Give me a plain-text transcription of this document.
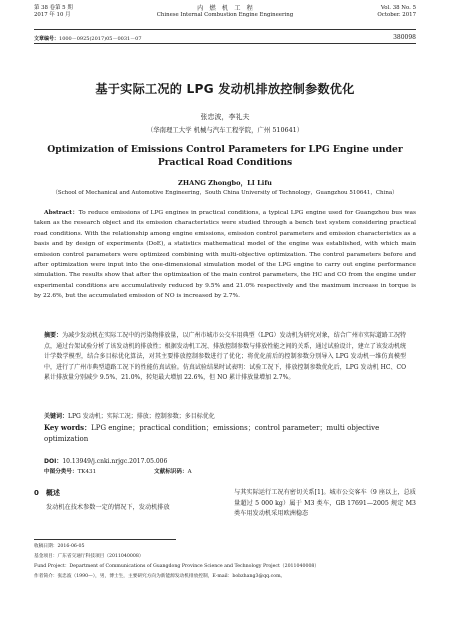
第 38 卷第 5 期
2017 年 10 月
内　燃　机　工　程
Chinese Internal Combustion Engine Engineering
Vol. 38 No. 5
October. 2017
文章编号：1000－0925(2017)05－0031－07	380098
基于实际工况的 LPG 发动机排放控制参数优化
张忠波，李礼夫
（华南理工大学 机械与汽车工程学院，广州 510641）
Optimization of Emissions Control Parameters for LPG Engine under
Practical Road Conditions
ZHANG Zhongbo，LI Lifu
（School of Mechanical and Automotive Engineering，South China University of Technology，Guangzhou 510641，China）
Abstract：To reduce emissions of LPG engines in practical conditions, a typical LPG engine used for Guangzhou bus was taken as the research object and its emission characteristics were studied through a bench test system considering practical road conditions. With the relationship among engine emissions, emission control parameters and emission characteristics as a basis and by design of experiments (DoE), a statistics mathematical model of the engine was established, with which main emission control parameters were optimized combining with multi-objective optimization. The control parameters before and after optimization were input into the one-dimensional simulation model of the LPG engine to carry out engine performance simulation. The results show that after the optimization of the main control parameters, the HC and CO from the engine under experimental conditions are accumulatively reduced by 9.5% and 21.0% respectively and the maximum increase in torque is by 22.6%, but the accumulated emission of NO is increased by 2.7%.
摘要：为减少发动机在实际工况中的污染物排放量，以广州市城市公交车用典型（LPG）发动机为研究对象，结合广州市实际道路工况特点，通过台架试验分析了该发动机的排放性；根据发动机工况、排放控制参数与排放性能之间的关系，通过试验设计，建立了该发动机统计学数学模型，结合多目标优化算法，对其主要排放控制参数进行了优化；将优化前后的控制参数分别导入 LPG 发动机一维仿真模型中，进行了广州市典型道路工况下的性能仿真试验。仿真试验结果时试表明：试验工况下，排放控制参数优化后，LPG 发动机 HC、CO 累计排放量分别减少 9.5%、21.0%，转矩最大增加 22.6%，但 NO 累计排放量增加 2.7%。
关键词：LPG 发动机；实际工况；排放；控制参数；多目标优化
Key words：LPG engine；practical condition；emissions；control parameter；multi objective optimization
DOI：10.13949/j.cnki.nrjgc.2017.05.006
中图分类号：TK431	文献标识码：A
0　概述
发动机在技术参数一定的情况下，发动机排放
与其实际运行工况有密切关系[1]。城市公交客车（9 座以上，总质量超过 5 000 kg）属于 M3 类车，GB 17691—2005 规定 M3 类车用发动机采用欧洲稳态
收稿日期：2016-06-05
基金项目：广东省交通厅科技项目（2011040008）
Fund Project：Department of Communications of Guangdong Province Science and Technology Project（2011040008）
作者简介：张忠波（1990—），男，博士生，主要研究方向为新能源发动机排放控制，E-mail：bobzhang3@qq.com。
